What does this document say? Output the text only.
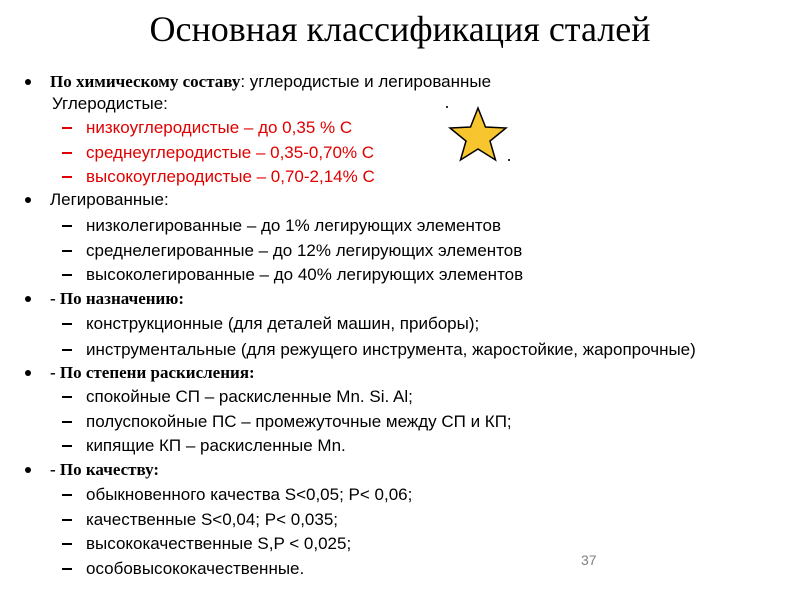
Основная классификация сталей
По химическому составу: углеродистые и легированные
Углеродистые:
низкоуглеродистые – до 0,35 % С
среднеуглеродистые – 0,35-0,70% С
высокоуглеродистые – 0,70-2,14% С
Легированные:
низколегированные – до 1% легирующих элементов
среднелегированные – до 12% легирующих элементов
высоколегированные – до 40% легирующих элементов
- По назначению:
конструкционные (для деталей машин, приборы);
инструментальные (для режущего инструмента, жаростойкие, жаропрочные)
- По степени раскисления:
спокойные СП – раскисленные Mn. Si. Al;
полуспокойные ПС – промежуточные между СП и КП;
кипящие КП – раскисленные Mn.
- По качеству:
обыкновенного качества S<0,05; P< 0,06;
качественные S<0,04; P< 0,035;
высококачественные S,P < 0,025;
особовысококачественные.	37
